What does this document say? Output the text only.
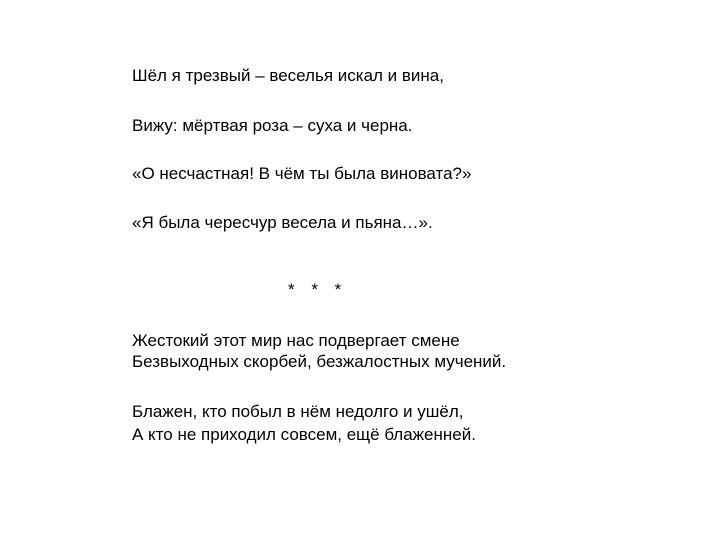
Шёл я трезвый – веселья искал и вина,
Вижу: мёртвая роза – суха и черна.
«О несчастная! В чём ты была виновата?»
«Я была чересчур весела и пьяна…».
Жестокий этот мир нас подвергает смене
Безвыходных скорбей, безжалостных мучений.
Блажен, кто побыл в нём недолго и ушёл,
А кто не приходил совсем, ещё блаженней.
* * *
